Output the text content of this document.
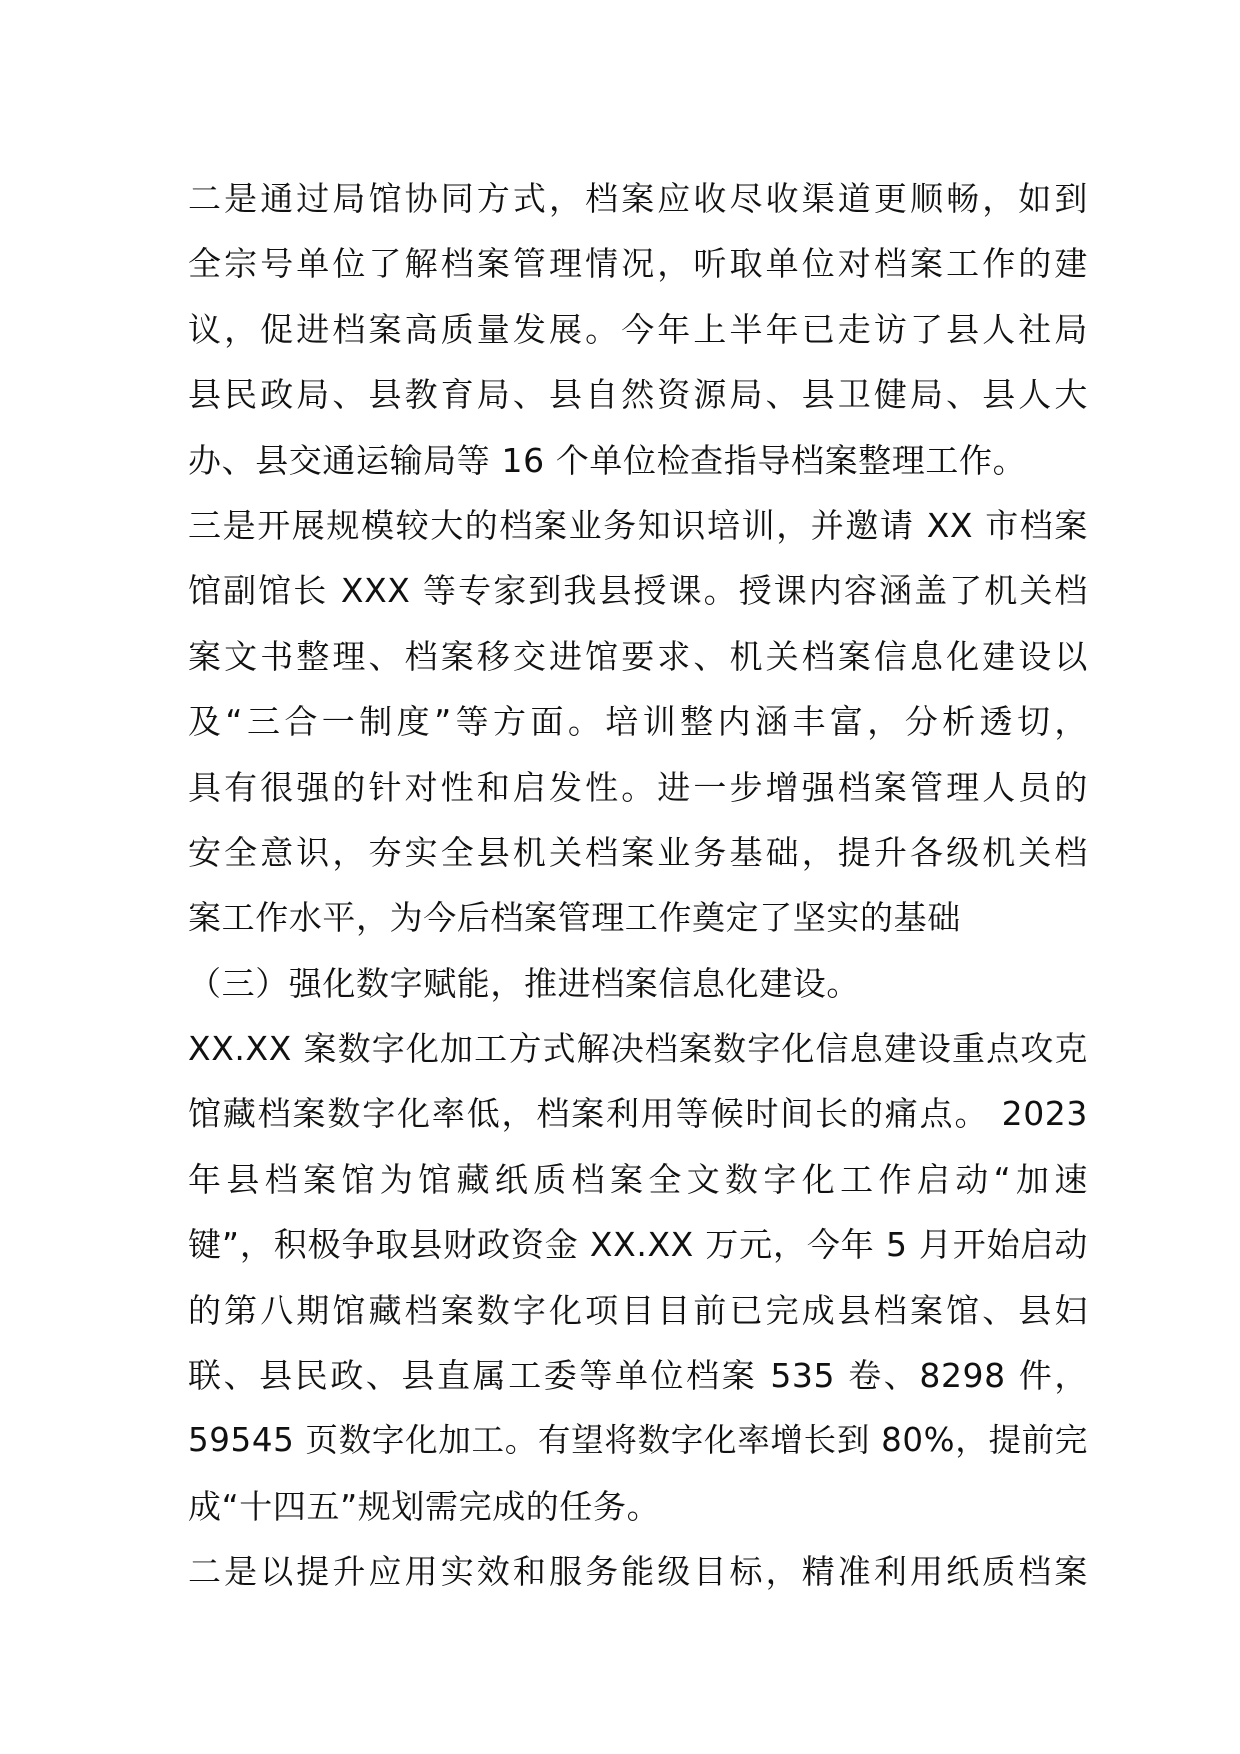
二是通过局馆协同方式，档案应收尽收渠道更顺畅，如到
全宗号单位了解档案管理情况，听取单位对档案工作的建
议，促进档案高质量发展。今年上半年已走访了县人社局
县民政局、县教育局、县自然资源局、县卫健局、县人大
办、县交通运输局等 16 个单位检查指导档案整理工作。
三是开展规模较大的档案业务知识培训，并邀请 XX 市档案
馆副馆长 XXX 等专家到我县授课。授课内容涵盖了机关档
案文书整理、档案移交进馆要求、机关档案信息化建设以
及“三合一制度”等方面。培训整内涵丰富，分析透切，
具有很强的针对性和启发性。进一步增强档案管理人员的
安全意识，夯实全县机关档案业务基础，提升各级机关档
案工作水平，为今后档案管理工作奠定了坚实的基础
（三）强化数字赋能，推进档案信息化建设。
XX.XX 案数字化加工方式解决档案数字化信息建设重点攻克
馆藏档案数字化率低，档案利用等候时间长的痛点。 2023
年县档案馆为馆藏纸质档案全文数字化工作启动“加速
键”，积极争取县财政资金 XX.XX 万元，今年 5 月开始启动
的第八期馆藏档案数字化项目目前已完成县档案馆、县妇
联、县民政、县直属工委等单位档案 535 卷、8298 件，
59545 页数字化加工。有望将数字化率增长到 80%，提前完
成“十四五”规划需完成的任务。
二是以提升应用实效和服务能级目标，精准利用纸质档案
